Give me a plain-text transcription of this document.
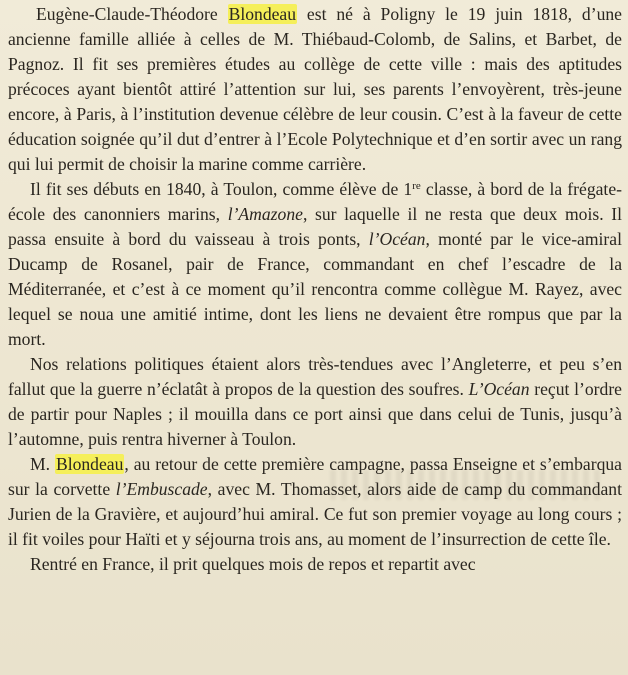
Eugène-Claude-Théodore Blondeau est né à Poligny le 19 juin 1818, d’une ancienne famille alliée à celles de M. Thiébaud-Colomb, de Salins, et Barbet, de Pagnoz. Il fit ses premières études au collège de cette ville : mais des aptitudes précoces ayant bientôt attiré l’attention sur lui, ses parents l’envoyèrent, très-jeune encore, à Paris, à l’institution devenue célèbre de leur cousin. C’est à la faveur de cette éducation soignée qu’il dut d’entrer à l’Ecole Polytechnique et d’en sortir avec un rang qui lui permit de choisir la marine comme carrière.

Il fit ses débuts en 1840, à Toulon, comme élève de 1re classe, à bord de la frégate-école des canonniers marins, l’Amazone, sur laquelle il ne resta que deux mois. Il passa ensuite à bord du vaisseau à trois ponts, l’Océan, monté par le vice-amiral Ducamp de Rosanel, pair de France, commandant en chef l’escadre de la Méditerranée, et c’est à ce moment qu’il rencontra comme collègue M. Rayez, avec lequel se noua une amitié intime, dont les liens ne devaient être rompus que par la mort.

Nos relations politiques étaient alors très-tendues avec l’Angleterre, et peu s’en fallut que la guerre n’éclatât à propos de la question des soufres. L’Océan reçut l’ordre de partir pour Naples ; il mouilla dans ce port ainsi que dans celui de Tunis, jusqu’à l’automne, puis rentra hiverner à Toulon.

M. Blondeau, au retour de cette première campagne, passa Enseigne et s’embarqua sur la corvette l’Embuscade, avec M. Thomasset, alors aide de camp du commandant Jurien de la Gravière, et aujourd’hui amiral. Ce fut son premier voyage au long cours ; il fit voiles pour Haïti et y séjourna trois ans, au moment de l’insurrection de cette île.

Rentré en France, il prit quelques mois de repos et repartit avec
